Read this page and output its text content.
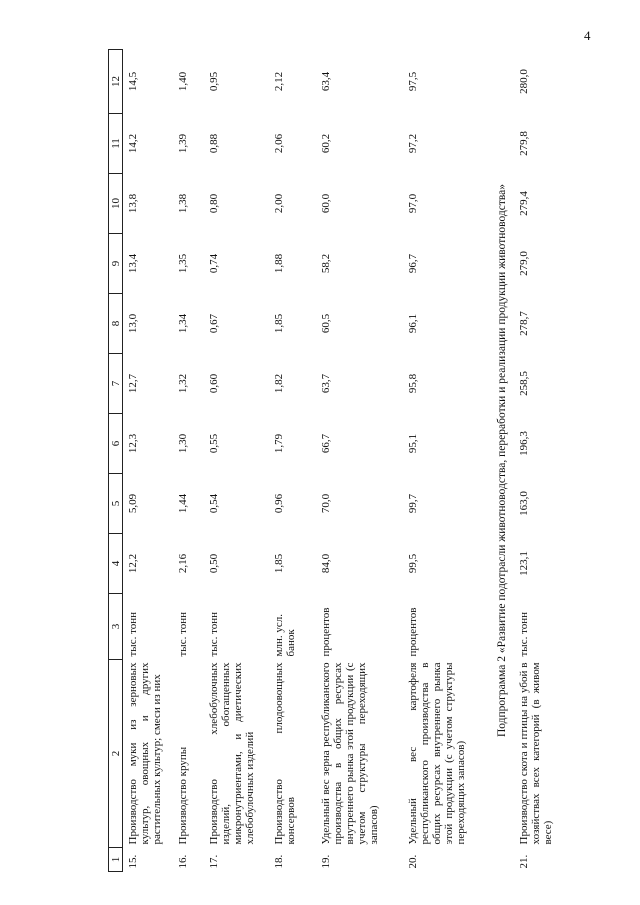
4
1	2	3	4	5	6	7	8	9	10	11	12
15.	Производство муки из зерновых культур, овощных и других растительных культур; смеси из них	тыс. тонн	12,2	5,09	12,3	12,7	13,0	13,4	13,8	14,2	14,5
16.	Производство крупы	тыс. тонн	2,16	1,44	1,30	1,32	1,34	1,35	1,38	1,39	1,40
17.	Производство хлебобулочных изделий, обогащенных микронутриентами, и диетических хлебобулочных изделий	тыс. тонн	0,50	0,54	0,55	0,60	0,67	0,74	0,80	0,88	0,95
18.	Производство плодоовощных консервов	млн. усл. банок	1,85	0,96	1,79	1,82	1,85	1,88	2,00	2,06	2,12
19.	Удельный вес зерна республиканского производства в общих ресурсах внутреннего рынка этой продукции (с учетом структуры переходящих запасов)	процентов	84,0	70,0	66,7	63,7	60,5	58,2	60,0	60,2	63,4
20.	Удельный вес картофеля республиканского производства в общих ресурсах внутреннего рынка этой продукции (с учетом структуры переходящих запасов)	процентов	99,5	99,7	95,1	95,8	96,1	96,7	97,0	97,2	97,5
Подпрограмма 2 «Развитие подотрасли животноводства, переработки и реализации продукции животноводства»											
21.	Производство скота и птицы на убой в хозяйствах всех категорий (в живом весе)	тыс. тонн	123,1	163,0	196,3	258,5	278,7	279,0	279,4	279,8	280,0
